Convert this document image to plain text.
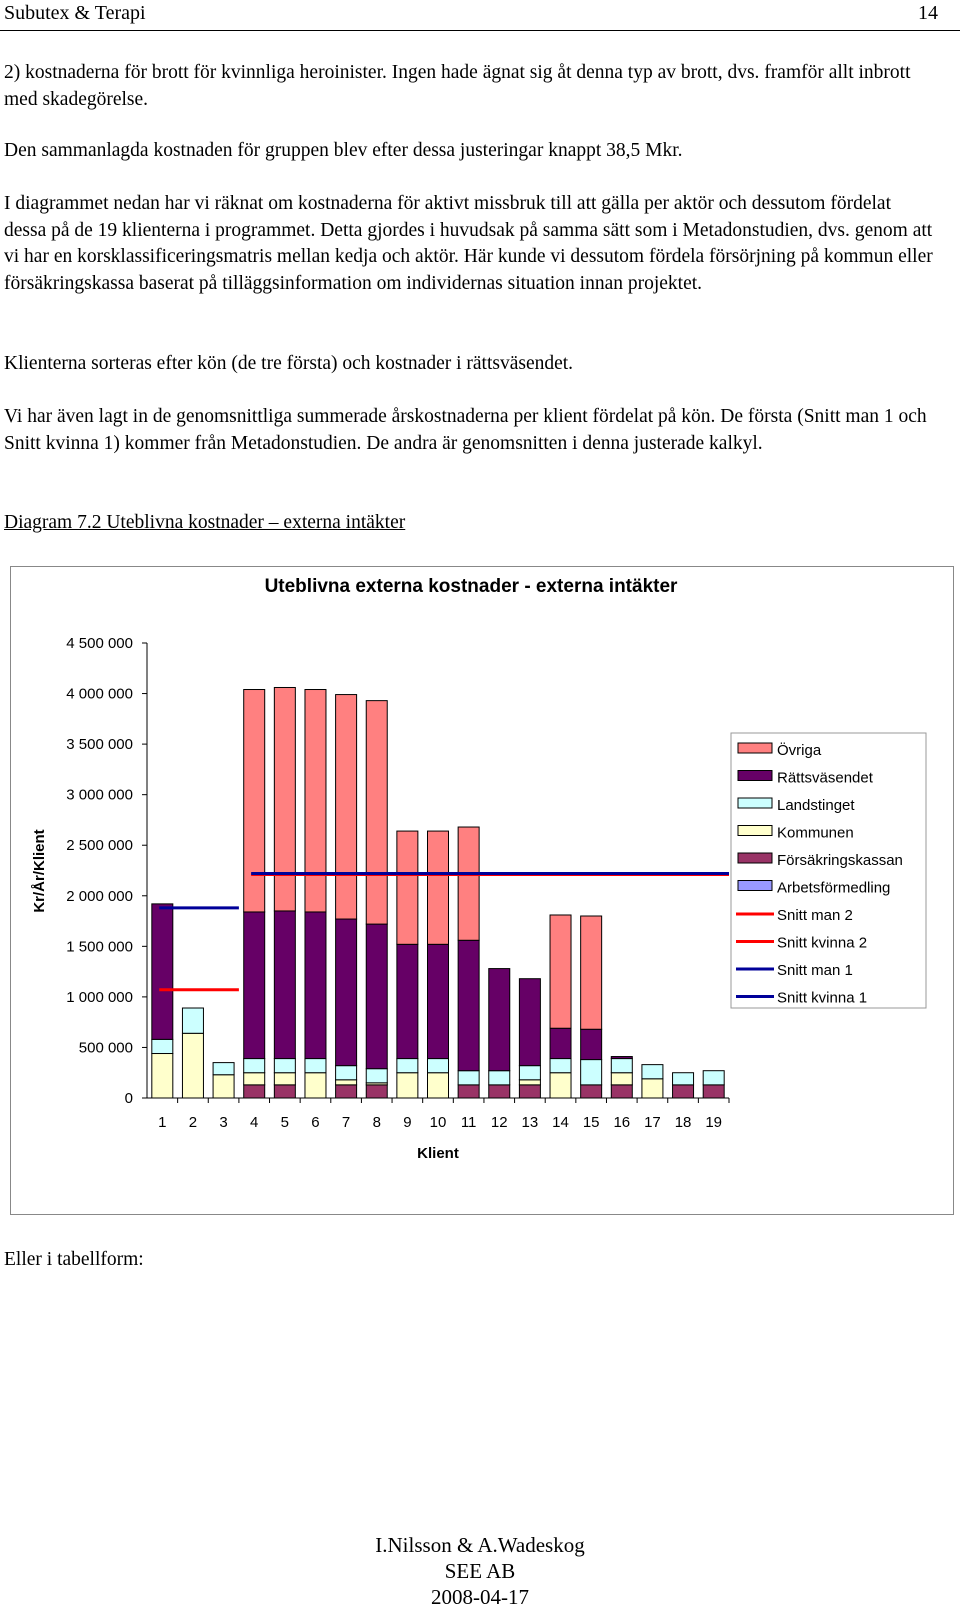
Subutex & Terapi	14

2) kostnaderna för brott för kvinnliga heroinister. Ingen hade ägnat sig åt denna typ av brott, dvs. framför allt inbrott med skadegörelse.

Den sammanlagda kostnaden för gruppen blev efter dessa justeringar knappt 38,5 Mkr.

I diagrammet nedan har vi räknat om kostnaderna för aktivt missbruk till att gälla per aktör och dessutom fördelat dessa på de 19 klienterna i programmet. Detta gjordes i huvudsak på samma sätt som i Metadonstudien, dvs. genom att vi har en korsklassificeringsmatris mellan kedja och aktör. Här kunde vi dessutom fördela försörjning på kommun eller försäkringskassa baserat på tilläggsinformation om individernas situation innan projektet.

Klienterna sorteras efter kön (de tre första) och kostnader i rättsväsendet.

Vi har även lagt in de genomsnittliga summerade årskostnaderna per klient fördelat på kön. De första (Snitt man 1 och Snitt kvinna 1) kommer från Metadonstudien. De andra är genomsnitten i denna justerade kalkyl.

Diagram 7.2 Uteblivna kostnader – externa intäkter

Uteblivna externa kostnader - externa intäkter
0
500 000
1 000 000
1 500 000
2 000 000
2 500 000
3 000 000
3 500 000
4 000 000
4 500 000
Kr/År/Klient
1 2 3 4 5 6 7 8 9 10 11 12 13 14 15 16 17 18 19
Klient
Övriga
Rättsväsendet
Landstinget
Kommunen
Försäkringskassan
Arbetsförmedling
Snitt man 2
Snitt kvinna 2
Snitt man 1
Snitt kvinna 1

Eller i tabellform:

I.Nilsson & A.Wadeskog
SEE AB
2008-04-17
